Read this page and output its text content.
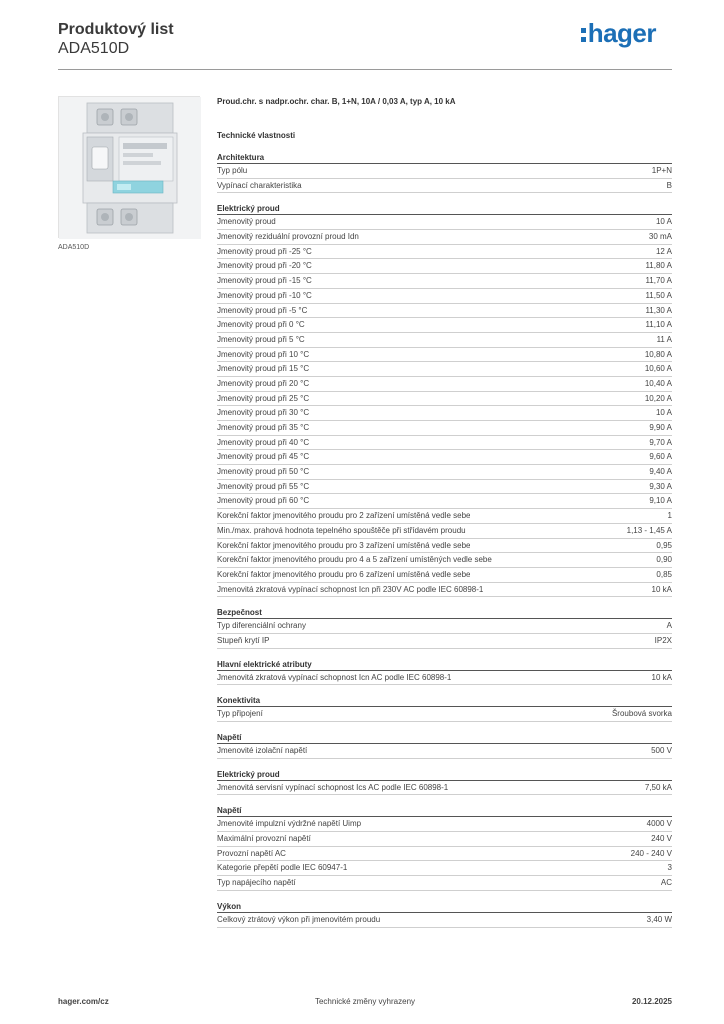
Produktový list
ADA510D
hager
ADA510D
Proud.chr. s nadpr.ochr. char. B, 1+N, 10A / 0,03 A, typ A, 10 kA
Technické vlastnosti
Architektura
Typ pólu	1P+N
Vypínací charakteristika	B
Elektrický proud
Jmenovitý proud	10 A
Jmenovitý reziduální provozní proud Idn	30 mA
Jmenovitý proud při -25 °C	12 A
Jmenovitý proud při -20 °C	11,80 A
Jmenovitý proud při -15 °C	11,70 A
Jmenovitý proud při -10 °C	11,50 A
Jmenovitý proud při -5 °C	11,30 A
Jmenovitý proud při 0 °C	11,10 A
Jmenovitý proud při 5 °C	11 A
Jmenovitý proud při 10 °C	10,80 A
Jmenovitý proud při 15 °C	10,60 A
Jmenovitý proud při 20 °C	10,40 A
Jmenovitý proud při 25 °C	10,20 A
Jmenovitý proud při 30 °C	10 A
Jmenovitý proud při 35 °C	9,90 A
Jmenovitý proud při 40 °C	9,70 A
Jmenovitý proud při 45 °C	9,60 A
Jmenovitý proud při 50 °C	9,40 A
Jmenovitý proud při 55 °C	9,30 A
Jmenovitý proud při 60 °C	9,10 A
Korekční faktor jmenovitého proudu pro 2 zařízení umístěná vedle sebe	1
Min./max. prahová hodnota tepelného spouštěče při střídavém proudu	1,13 - 1,45 A
Korekční faktor jmenovitého proudu pro 3 zařízení umístěná vedle sebe	0,95
Korekční faktor jmenovitého proudu pro 4 a 5 zařízení umístěných vedle sebe	0,90
Korekční faktor jmenovitého proudu pro 6 zařízení umístěná vedle sebe	0,85
Jmenovitá zkratová vypínací schopnost Icn při 230V AC podle IEC 60898-1	10 kA
Bezpečnost
Typ diferenciální ochrany	A
Stupeň krytí IP	IP2X
Hlavní elektrické atributy
Jmenovitá zkratová vypínací schopnost Icn AC podle IEC 60898-1	10 kA
Konektivita
Typ připojení	Šroubová svorka
Napětí
Jmenovité izolační napětí	500 V
Elektrický proud
Jmenovitá servisní vypínací schopnost Ics AC podle IEC 60898-1	7,50 kA
Napětí
Jmenovité impulzní výdržné napětí Uimp	4000 V
Maximální provozní napětí	240 V
Provozní napětí AC	240 - 240 V
Kategorie přepětí podle IEC 60947-1	3
Typ napájecího napětí	AC
Výkon
Celkový ztrátový výkon při jmenovitém proudu	3,40 W
hager.com/cz	Technické změny vyhrazeny	20.12.2025
